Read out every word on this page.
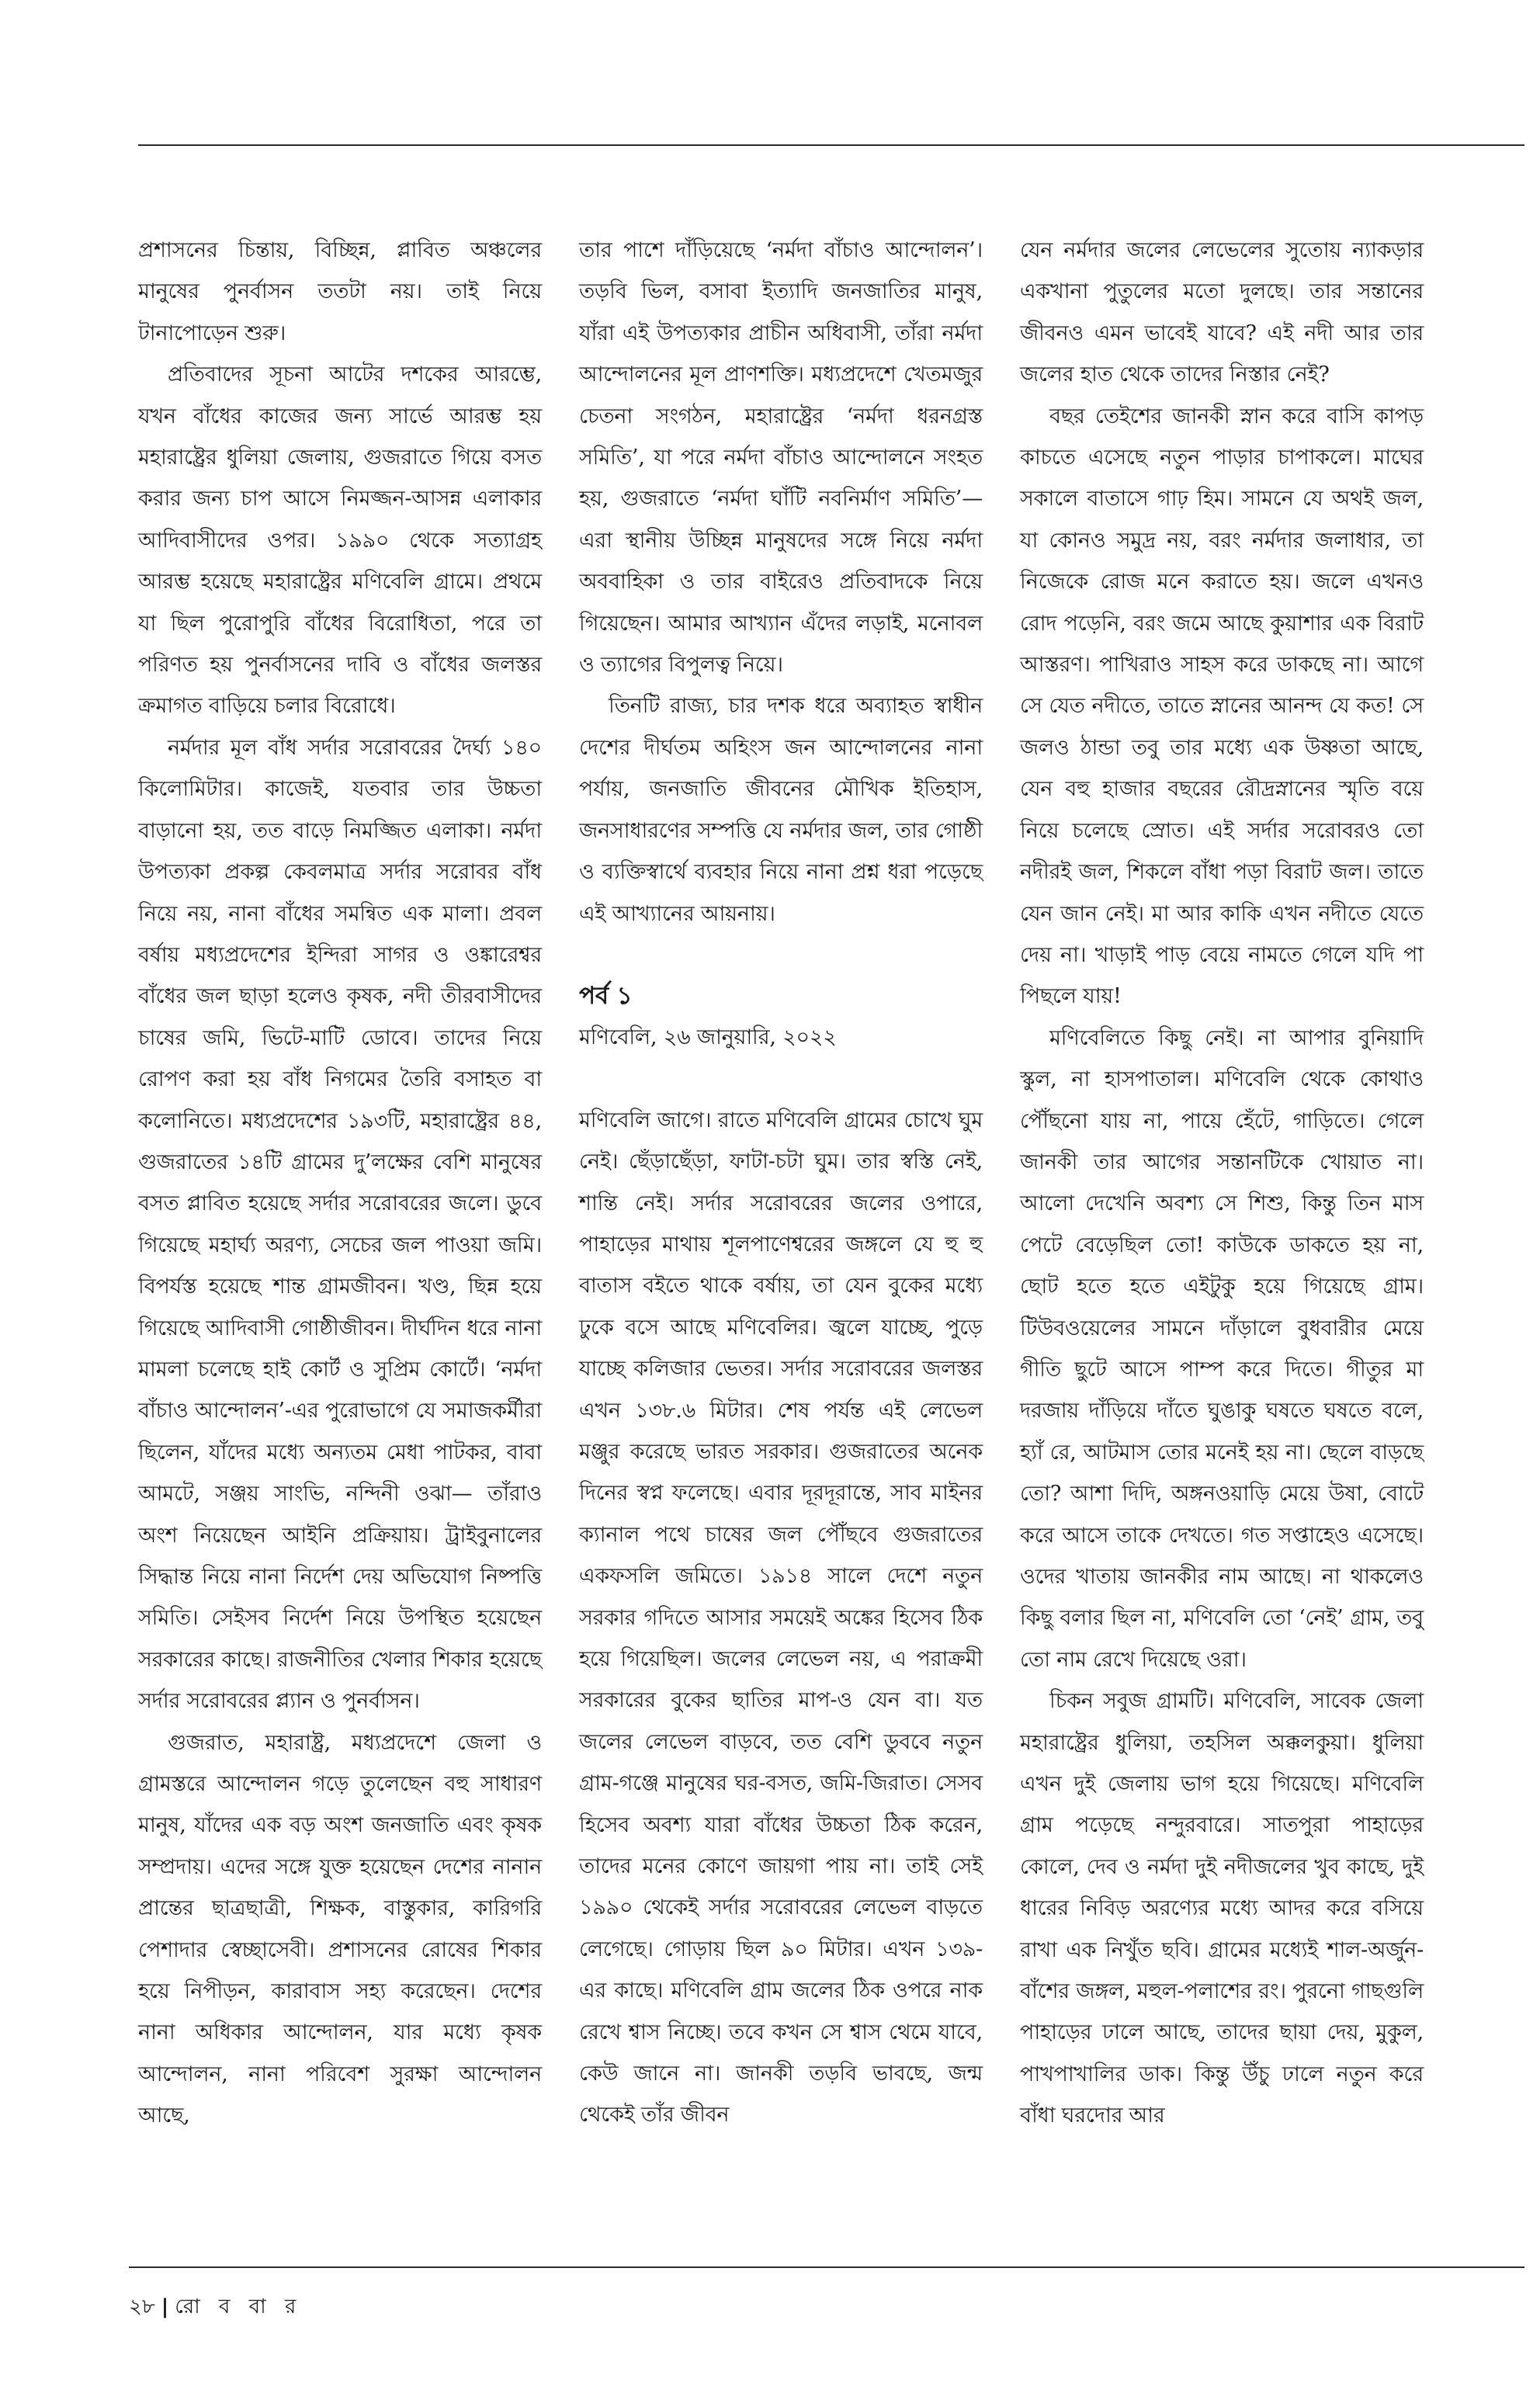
প্রশাসনের চিন্তায়, বিচ্ছিন্ন, প্লাবিত অঞ্চলের মানুষের পুনর্বাসন ততটা নয়। তাই নিয়ে টানাপোড়েন শুরু।

প্রতিবাদের সূচনা আটের দশকের আরম্ভে, যখন বাঁধের কাজের জন্য সার্ভে আরম্ভ হয় মহারাষ্ট্রের ধুলিয়া জেলায়, গুজরাতে গিয়ে বসত করার জন্য চাপ আসে নিমজ্জন-আসন্ন এলাকার আদিবাসীদের ওপর। ১৯৯০ থেকে সত্যাগ্রহ আরম্ভ হয়েছে মহারাষ্ট্রের মণিবেলি গ্রামে। প্রথমে যা ছিল পুরোপুরি বাঁধের বিরোধিতা, পরে তা পরিণত হয় পুনর্বাসনের দাবি ও বাঁধের জলস্তর ক্রমাগত বাড়িয়ে চলার বিরোধে।

নর্মদার মূল বাঁধ সর্দার সরোবরের দৈর্ঘ্য ১৪০ কিলোমিটার। কাজেই, যতবার তার উচ্চতা বাড়ানো হয়, তত বাড়ে নিমজ্জিত এলাকা। নর্মদা উপত্যকা প্রকল্প কেবলমাত্র সর্দার সরোবর বাঁধ নিয়ে নয়, নানা বাঁধের সমন্বিত এক মালা। প্রবল বর্ষায় মধ্যপ্রদেশের ইন্দিরা সাগর ও ওঙ্কারেশ্বর বাঁধের জল ছাড়া হলেও কৃষক, নদী তীরবাসীদের চাষের জমি, ভিটে-মাটি ডোবে। তাদের নিয়ে রোপণ করা হয় বাঁধ নিগমের তৈরি বসাহত বা কলোনিতে। মধ্যপ্রদেশের ১৯৩টি, মহারাষ্ট্রের ৪৪, গুজরাতের ১৪টি গ্রামের দু’লক্ষের বেশি মানুষের বসত প্লাবিত হয়েছে সর্দার সরোবরের জলে। ডুবে গিয়েছে মহার্ঘ্য অরণ্য, সেচের জল পাওয়া জমি। বিপর্যস্ত হয়েছে শান্ত গ্রামজীবন। খণ্ড, ছিন্ন হয়ে গিয়েছে আদিবাসী গোষ্ঠীজীবন। দীর্ঘদিন ধরে নানা মামলা চলেছে হাই কোর্ট ও সুপ্রিম কোর্টে। ‘নর্মদা বাঁচাও আন্দোলন’-এর পুরোভাগে যে সমাজকর্মীরা ছিলেন, যাঁদের মধ্যে অন্যতম মেধা পাটকর, বাবা আমটে, সঞ্জয় সাংভি, নন্দিনী ওঝা— তাঁরাও অংশ নিয়েছেন আইনি প্রক্রিয়ায়। ট্রাইবুনালের সিদ্ধান্ত নিয়ে নানা নির্দেশ দেয় অভিযোগ নিষ্পত্তি সমিতি। সেইসব নির্দেশ নিয়ে উপস্থিত হয়েছেন সরকারের কাছে। রাজনীতির খেলার শিকার হয়েছে সর্দার সরোবরের প্ল্যান ও পুনর্বাসন।

গুজরাত, মহারাষ্ট্র, মধ্যপ্রদেশে জেলা ও গ্রামস্তরে আন্দোলন গড়ে তুলেছেন বহু সাধারণ মানুষ, যাঁদের এক বড় অংশ জনজাতি এবং কৃষক সম্প্রদায়। এদের সঙ্গে যুক্ত হয়েছেন দেশের নানান প্রান্তের ছাত্রছাত্রী, শিক্ষক, বাস্তুকার, কারিগরি পেশাদার স্বেচ্ছাসেবী। প্রশাসনের রোষের শিকার হয়ে নিপীড়ন, কারাবাস সহ্য করেছেন। দেশের নানা অধিকার আন্দোলন, যার মধ্যে কৃষক আন্দোলন, নানা পরিবেশ সুরক্ষা আন্দোলন আছে,

তার পাশে দাঁড়িয়েছে ‘নর্মদা বাঁচাও আন্দোলন’। তড়বি ভিল, বসাবা ইত্যাদি জনজাতির মানুষ, যাঁরা এই উপত্যকার প্রাচীন অধিবাসী, তাঁরা নর্মদা আন্দোলনের মূল প্রাণশক্তি। মধ্যপ্রদেশে খেতমজুর চেতনা সংগঠন, মহারাষ্ট্রের ‘নর্মদা ধরনগ্রস্ত সমিতি’, যা পরে নর্মদা বাঁচাও আন্দোলনে সংহত হয়, গুজরাতে ‘নর্মদা ঘাঁটি নবনির্মাণ সমিতি’— এরা স্থানীয় উচ্ছিন্ন মানুষদের সঙ্গে নিয়ে নর্মদা অববাহিকা ও তার বাইরেও প্রতিবাদকে নিয়ে গিয়েছেন। আমার আখ্যান এঁদের লড়াই, মনোবল ও ত্যাগের বিপুলত্ব নিয়ে।

তিনটি রাজ্য, চার দশক ধরে অব্যাহত স্বাধীন দেশের দীর্ঘতম অহিংস জন আন্দোলনের নানা পর্যায়, জনজাতি জীবনের মৌখিক ইতিহাস, জনসাধারণের সম্পত্তি যে নর্মদার জল, তার গোষ্ঠী ও ব্যক্তিস্বার্থে ব্যবহার নিয়ে নানা প্রশ্ন ধরা পড়েছে এই আখ্যানের আয়নায়।

পর্ব ১

মণিবেলি, ২৬ জানুয়ারি, ২০২২

মণিবেলি জাগে। রাতে মণিবেলি গ্রামের চোখে ঘুম নেই। ছেঁড়াছেঁড়া, ফাটা-চটা ঘুম। তার স্বস্তি নেই, শান্তি নেই। সর্দার সরোবরের জলের ওপারে, পাহাড়ের মাথায় শূলপাণেশ্বরের জঙ্গলে যে হু হু বাতাস বইতে থাকে বর্ষায়, তা যেন বুকের মধ্যে ঢুকে বসে আছে মণিবেলির। জ্বলে যাচ্ছে, পুড়ে যাচ্ছে কলিজার ভেতর। সর্দার সরোবরের জলস্তর এখন ১৩৮.৬ মিটার। শেষ পর্যন্ত এই লেভেল মঞ্জুর করেছে ভারত সরকার। গুজরাতের অনেক দিনের স্বপ্ন ফলেছে। এবার দূরদূরান্তে, সাব মাইনর ক্যানাল পথে চাষের জল পৌঁছবে গুজরাতের একফসলি জমিতে। ১৯১৪ সালে দেশে নতুন সরকার গদিতে আসার সময়েই অঙ্কের হিসেব ঠিক হয়ে গিয়েছিল। জলের লেভেল নয়, এ পরাক্রমী সরকারের বুকের ছাতির মাপ-ও যেন বা। যত জলের লেভেল বাড়বে, তত বেশি ডুববে নতুন গ্রাম-গঞ্জে মানুষের ঘর-বসত, জমি-জিরাত। সেসব হিসেব অবশ্য যারা বাঁধের উচ্চতা ঠিক করেন, তাদের মনের কোণে জায়গা পায় না। তাই সেই ১৯৯০ থেকেই সর্দার সরোবরের লেভেল বাড়তে লেগেছে। গোড়ায় ছিল ৯০ মিটার। এখন ১৩৯-এর কাছে। মণিবেলি গ্রাম জলের ঠিক ওপরে নাক রেখে শ্বাস নিচ্ছে। তবে কখন সে শ্বাস থেমে যাবে, কেউ জানে না। জানকী তড়বি ভাবছে, জন্ম থেকেই তাঁর জীবন

যেন নর্মদার জলের লেভেলের সুতোয় ন্যাকড়ার একখানা পুতুলের মতো দুলছে। তার সন্তানের জীবনও এমন ভাবেই যাবে? এই নদী আর তার জলের হাত থেকে তাদের নিস্তার নেই?

বছর তেইশের জানকী স্নান করে বাসি কাপড় কাচতে এসেছে নতুন পাড়ার চাপাকলে। মাঘের সকালে বাতাসে গাঢ় হিম। সামনে যে অথই জল, যা কোনও সমুদ্র নয়, বরং নর্মদার জলাধার, তা নিজেকে রোজ মনে করাতে হয়। জলে এখনও রোদ পড়েনি, বরং জমে আছে কুয়াশার এক বিরাট আস্তরণ। পাখিরাও সাহস করে ডাকছে না। আগে সে যেত নদীতে, তাতে স্নানের আনন্দ যে কত! সে জলও ঠান্ডা তবু তার মধ্যে এক উষ্ণতা আছে, যেন বহু হাজার বছরের রৌদ্রস্নানের স্মৃতি বয়ে নিয়ে চলেছে স্রোত। এই সর্দার সরোবরও তো নদীরই জল, শিকলে বাঁধা পড়া বিরাট জল। তাতে যেন জান নেই। মা আর কাকি এখন নদীতে যেতে দেয় না। খাড়াই পাড় বেয়ে নামতে গেলে যদি পা পিছলে যায়!

মণিবেলিতে কিছু নেই। না আপার বুনিয়াদি স্কুল, না হাসপাতাল। মণিবেলি থেকে কোথাও পৌঁছনো যায় না, পায়ে হেঁটে, গাড়িতে। গেলে জানকী তার আগের সন্তানটিকে খোয়াত না। আলো দেখেনি অবশ্য সে শিশু, কিন্তু তিন মাস পেটে বেড়েছিল তো! কাউকে ডাকতে হয় না, ছোট হতে হতে এইটুকু হয়ে গিয়েছে গ্রাম। টিউবওয়েলের সামনে দাঁড়ালে বুধবারীর মেয়ে গীতি ছুটে আসে পাম্প করে দিতে। গীতুর মা দরজায় দাঁড়িয়ে দাঁতে ঘুঙাকু ঘষতে ঘষতে বলে, হ্যাঁ রে, আটমাস তোর মনেই হয় না। ছেলে বাড়ছে তো? আশা দিদি, অঙ্গনওয়াড়ি মেয়ে উষা, বোটে করে আসে তাকে দেখতে। গত সপ্তাহেও এসেছে। ওদের খাতায় জানকীর নাম আছে। না থাকলেও কিছু বলার ছিল না, মণিবেলি তো ‘নেই’ গ্রাম, তবু তো নাম রেখে দিয়েছে ওরা।

চিকন সবুজ গ্রামটি। মণিবেলি, সাবেক জেলা মহারাষ্ট্রের ধুলিয়া, তহসিল অক্কলকুয়া। ধুলিয়া এখন দুই জেলায় ভাগ হয়ে গিয়েছে। মণিবেলি গ্রাম পড়েছে নন্দুরবারে। সাতপুরা পাহাড়ের কোলে, দেব ও নর্মদা দুই নদীজলের খুব কাছে, দুই ধারের নিবিড় অরণ্যের মধ্যে আদর করে বসিয়ে রাখা এক নিখুঁত ছবি। গ্রামের মধ্যেই শাল-অর্জুন-বাঁশের জঙ্গল, মহুল-পলাশের রং। পুরনো গাছগুলি পাহাড়ের ঢালে আছে, তাদের ছায়া দেয়, মুকুল, পাখপাখালির ডাক। কিন্তু উঁচু ঢালে নতুন করে বাঁধা ঘরদোর আর

২৮ | রো ব বা র
